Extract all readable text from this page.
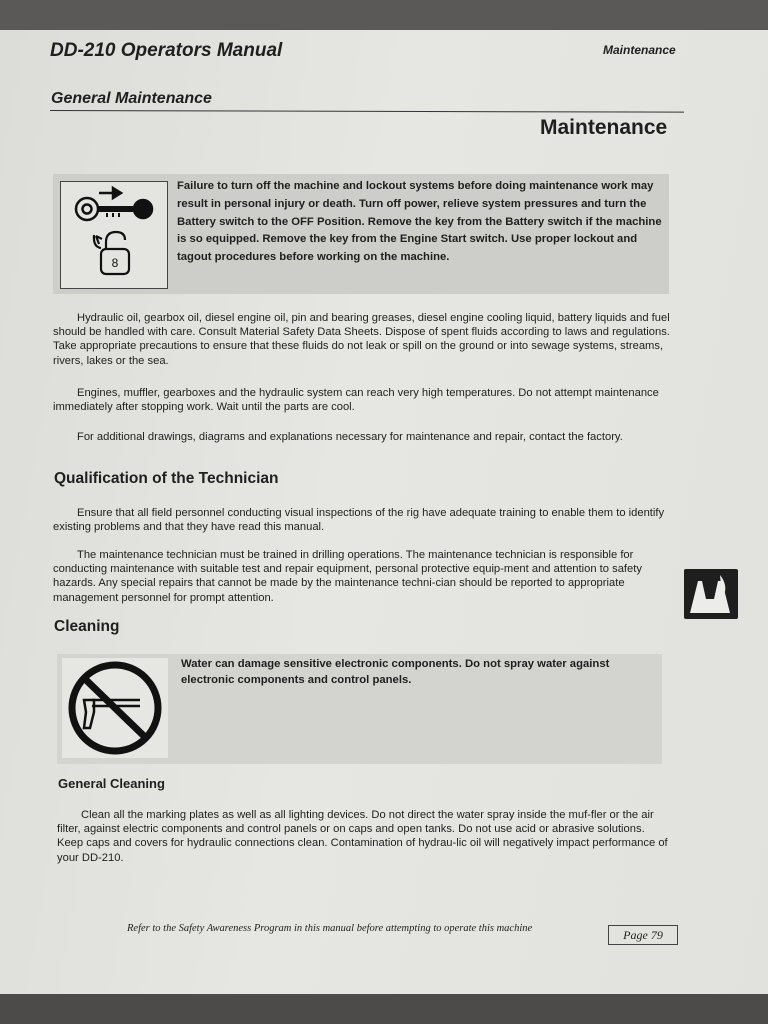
DD-210 Operators Manual	Maintenance
General Maintenance
Maintenance
8
Failure to turn off the machine and lockout systems before doing maintenance work may result in personal injury or death. Turn off power, relieve system pressures and turn the Battery switch to the OFF Position. Remove the key from the Battery switch if the machine is so equipped. Remove the key from the Engine Start switch. Use proper lockout and tagout procedures before working on the machine.
Hydraulic oil, gearbox oil, diesel engine oil, pin and bearing greases, diesel engine cooling liquid, battery liquids and fuel should be handled with care. Consult Material Safety Data Sheets. Dispose of spent fluids according to laws and regulations. Take appropriate precautions to ensure that these fluids do not leak or spill on the ground or into sewage systems, streams, rivers, lakes or the sea.
Engines, muffler, gearboxes and the hydraulic system can reach very high temperatures. Do not attempt maintenance immediately after stopping work. Wait until the parts are cool.
For additional drawings, diagrams and explanations necessary for maintenance and repair, contact the factory.
Qualification of the Technician
Ensure that all field personnel conducting visual inspections of the rig have adequate training to enable them to identify existing problems and that they have read this manual.
The maintenance technician must be trained in drilling operations. The maintenance technician is responsible for conducting maintenance with suitable test and repair equipment, personal protective equip-ment and attention to safety hazards. Any special repairs that cannot be made by the maintenance techni-cian should be reported to appropriate management personnel for prompt attention.
Cleaning
Water can damage sensitive electronic components. Do not spray water against electronic components and control panels.
General Cleaning
Clean all the marking plates as well as all lighting devices. Do not direct the water spray inside the muf-fler or the air filter, against electric components and control panels or on caps and open tanks. Do not use acid or abrasive solutions. Keep caps and covers for hydraulic connections clean. Contamination of hydrau-lic oil will negatively impact performance of your DD-210.
Refer to the Safety Awareness Program in this manual before attempting to operate this machine	Page 79
